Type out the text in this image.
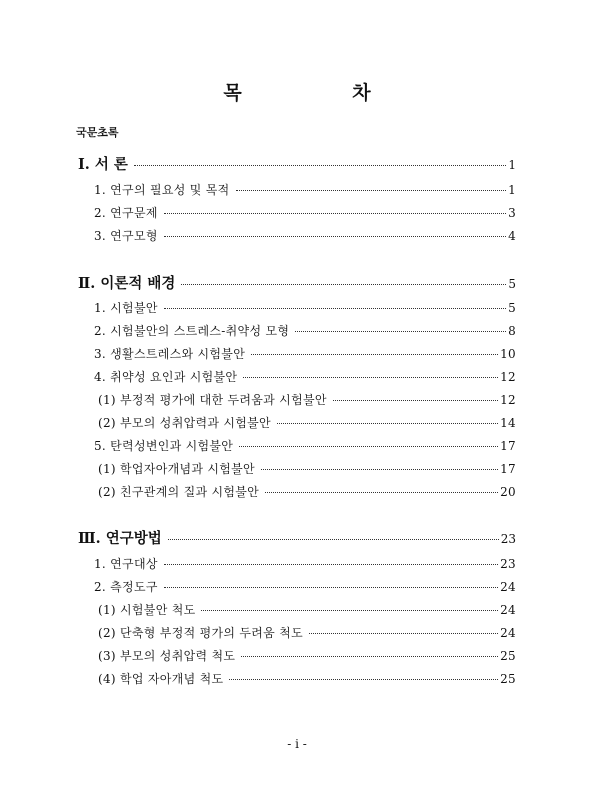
목 차
국문초록
Ⅰ. 서 론	1
1. 연구의 필요성 및 목적	1
2. 연구문제	3
3. 연구모형	4
Ⅱ. 이론적 배경	5
1. 시험불안	5
2. 시험불안의 스트레스-취약성 모형	8
3. 생활스트레스와 시험불안	10
4. 취약성 요인과 시험불안	12
(1) 부정적 평가에 대한 두려움과 시험불안	12
(2) 부모의 성취압력과 시험불안	14
5. 탄력성변인과 시험불안	17
(1) 학업자아개념과 시험불안	17
(2) 친구관계의 질과 시험불안	20
Ⅲ. 연구방법	23
1. 연구대상	23
2. 측정도구	24
(1) 시험불안 척도	24
(2) 단축형 부정적 평가의 두려움 척도	24
(3) 부모의 성취압력 척도	25
(4) 학업 자아개념 척도	25
- i -
